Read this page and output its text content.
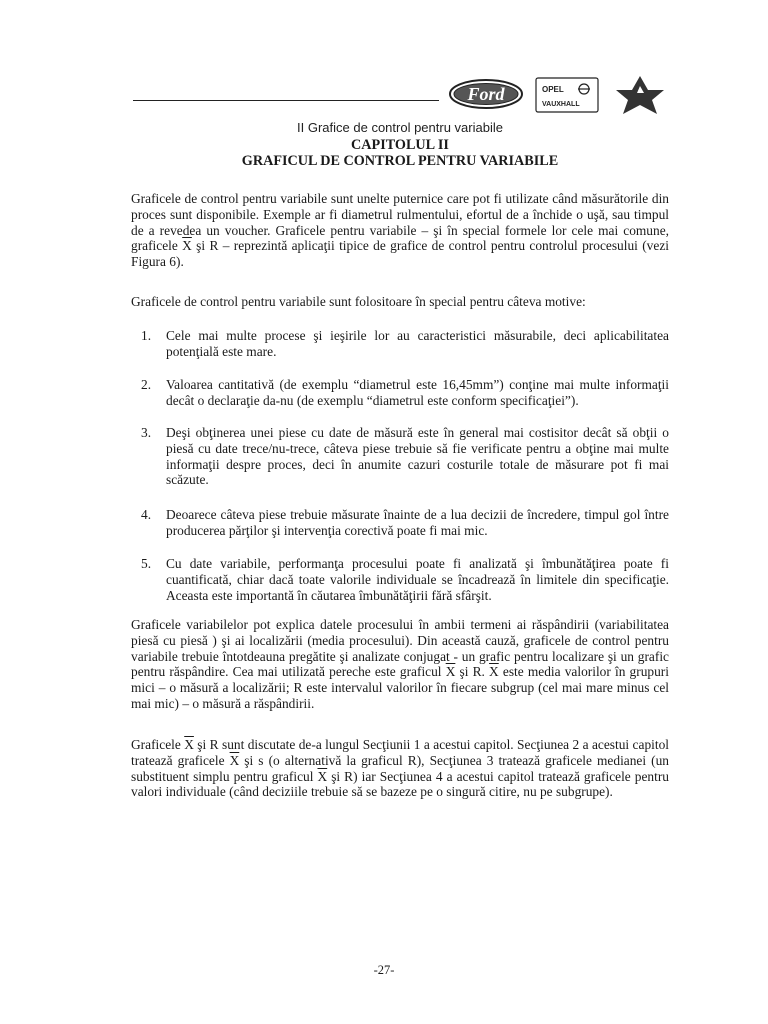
Ford	OPEL
VAUXHALL
II Grafice de control pentru variabile
CAPITOLUL II
GRAFICUL DE CONTROL PENTRU VARIABILE
Graficele de control pentru variabile sunt unelte puternice care pot fi utilizate când măsurătorile din proces sunt disponibile. Exemple ar fi diametrul rulmentului, efortul de a închide o uşă, sau timpul de a revedea un voucher. Graficele pentru variabile – şi în special formele lor cele mai comune, graficele $\overline{X}$ şi R – reprezintă aplicaţii tipice de grafice de control pentru controlul procesului (vezi Figura 6).
Graficele de control pentru variabile sunt folositoare în special pentru câteva motive:
1. Cele mai multe procese şi ieşirile lor au caracteristici măsurabile, deci aplicabilitatea potenţială este mare.
2. Valoarea cantitativă (de exemplu “diametrul este 16,45mm”) conţine mai multe informaţii decât o declaraţie da-nu (de exemplu “diametrul este conform specificaţiei”).
3. Deşi obţinerea unei piese cu date de măsură este în general mai costisitor decât să obţii o piesă cu date trece/nu-trece, câteva piese trebuie să fie verificate pentru a obţine mai multe informaţii despre proces, deci în anumite cazuri costurile totale de măsurare pot fi mai scăzute.
4. Deoarece câteva piese trebuie măsurate înainte de a lua decizii de încredere, timpul gol între producerea părţilor şi intervenţia corectivă poate fi mai mic.
5. Cu date variabile, performanţa procesului poate fi analizată şi îmbunătăţirea poate fi cuantificată, chiar dacă toate valorile individuale se încadrează în limitele din specificaţie. Aceasta este importantă în căutarea îmbunătăţirii fără sfârşit.
Graficele variabilelor pot explica datele procesului în ambii termeni ai răspândirii (variabilitatea piesă cu piesă ) şi ai localizării (media procesului). Din această cauză, graficele de control pentru variabile trebuie întotdeauna pregătite şi analizate conjugat - un grafic pentru localizare şi un grafic pentru răspândire. Cea mai utilizată pereche este graficul $\overline{X}$ şi R. $\overline{X}$ este media valorilor în grupuri mici – o măsură a localizării; R este intervalul valorilor în fiecare subgrup (cel mai mare minus cel mai mic) – o măsură a răspândirii.
Graficele $\overline{X}$ şi R sunt discutate de-a lungul Secţiunii 1 a acestui capitol. Secţiunea 2 a acestui capitol tratează graficele $\overline{X}$ şi s (o alternativă la graficul R), Secţiunea 3 tratează graficele medianei (un substituent simplu pentru graficul $\overline{X}$ şi R) iar Secţiunea 4 a acestui capitol tratează graficele pentru valori individuale (când deciziile trebuie să se bazeze pe o singură citire, nu pe subgrupe).
-27-
